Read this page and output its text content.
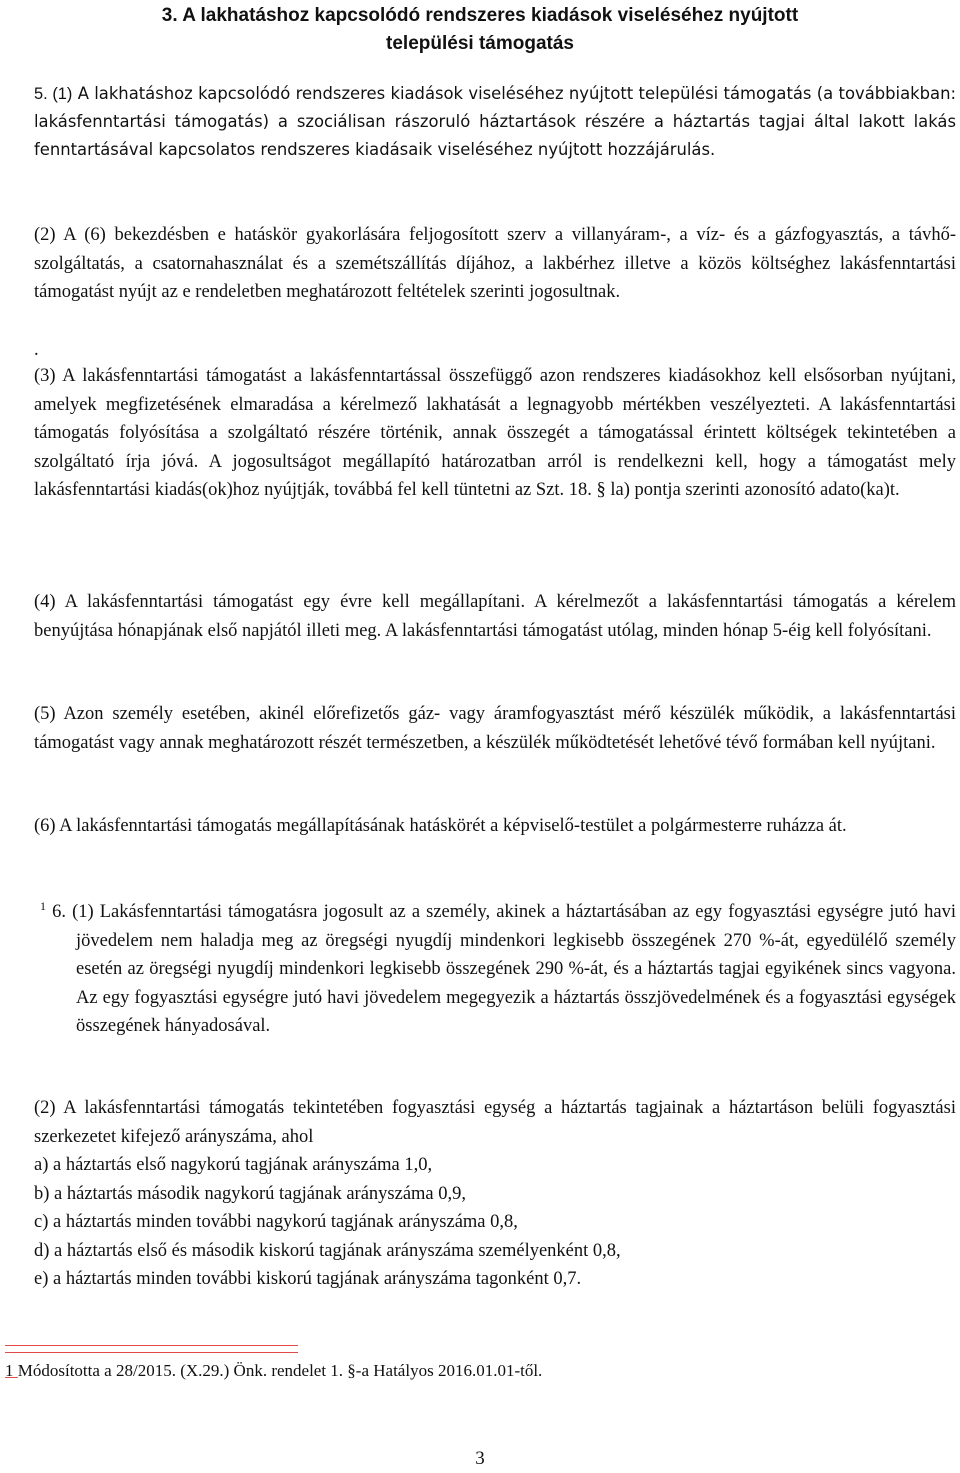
3. A lakhatáshoz kapcsolódó rendszeres kiadások viseléséhez nyújtott
települési támogatás
5. (1) A lakhatáshoz kapcsolódó rendszeres kiadások viseléséhez nyújtott települési támogatás (a továbbiakban: lakásfenntartási támogatás) a szociálisan rászoruló háztartások részére a háztartás tagjai által lakott lakás fenntartásával kapcsolatos rendszeres kiadásaik viseléséhez nyújtott hozzájárulás.
(2) A (6) bekezdésben e hatáskör gyakorlására feljogosított szerv a villanyáram-, a víz- és a gázfogyasztás, a távhő-szolgáltatás, a csatornahasználat és a szemétszállítás díjához, a lakbérhez illetve a közös költséghez lakásfenntartási támogatást nyújt az e rendeletben meghatározott feltételek szerinti jogosultnak.
.
(3) A lakásfenntartási támogatást a lakásfenntartással összefüggő azon rendszeres kiadásokhoz kell elsősorban nyújtani, amelyek megfizetésének elmaradása a kérelmező lakhatását a legnagyobb mértékben veszélyezteti. A lakásfenntartási támogatás folyósítása a szolgáltató részére történik, annak összegét a támogatással érintett költségek tekintetében a szolgáltató írja jóvá. A jogosultságot megállapító határozatban arról is rendelkezni kell, hogy a támogatást mely lakásfenntartási kiadás(ok)hoz nyújtják, továbbá fel kell tüntetni az Szt. 18. § la) pontja szerinti azonosító adato(ka)t.
(4) A lakásfenntartási támogatást egy évre kell megállapítani. A kérelmezőt a lakásfenntartási támogatás a kérelem benyújtása hónapjának első napjától illeti meg. A lakásfenntartási támogatást utólag, minden hónap 5-éig kell folyósítani.
(5) Azon személy esetében, akinél előrefizetős gáz- vagy áramfogyasztást mérő készülék működik, a lakásfenntartási támogatást vagy annak meghatározott részét természetben, a készülék működtetését lehetővé tévő formában kell nyújtani.
(6) A lakásfenntartási támogatás megállapításának hatáskörét a képviselő-testület a polgármesterre ruházza át.
$^1$ 6. (1) Lakásfenntartási támogatásra jogosult az a személy, akinek a háztartásában az egy fogyasztási egységre jutó havi jövedelem nem haladja meg az öregségi nyugdíj mindenkori legkisebb összegének 270 %-át, egyedülélő személy esetén az öregségi nyugdíj mindenkori legkisebb összegének 290 %-át, és a háztartás tagjai egyikének sincs vagyona. Az egy fogyasztási egységre jutó havi jövedelem megegyezik a háztartás összjövedelmének és a fogyasztási egységek összegének hányadosával.
(2) A lakásfenntartási támogatás tekintetében fogyasztási egység a háztartás tagjainak a háztartáson belüli fogyasztási szerkezetet kifejező arányszáma, ahol
a) a háztartás első nagykorú tagjának arányszáma 1,0,
b) a háztartás második nagykorú tagjának arányszáma 0,9,
c) a háztartás minden további nagykorú tagjának arányszáma 0,8,
d) a háztartás első és második kiskorú tagjának arányszáma személyenként 0,8,
e) a háztartás minden további kiskorú tagjának arányszáma tagonként 0,7.
1 Módosította a 28/2015. (X.29.) Önk. rendelet 1. §-a Hatályos 2016.01.01-től.
3
